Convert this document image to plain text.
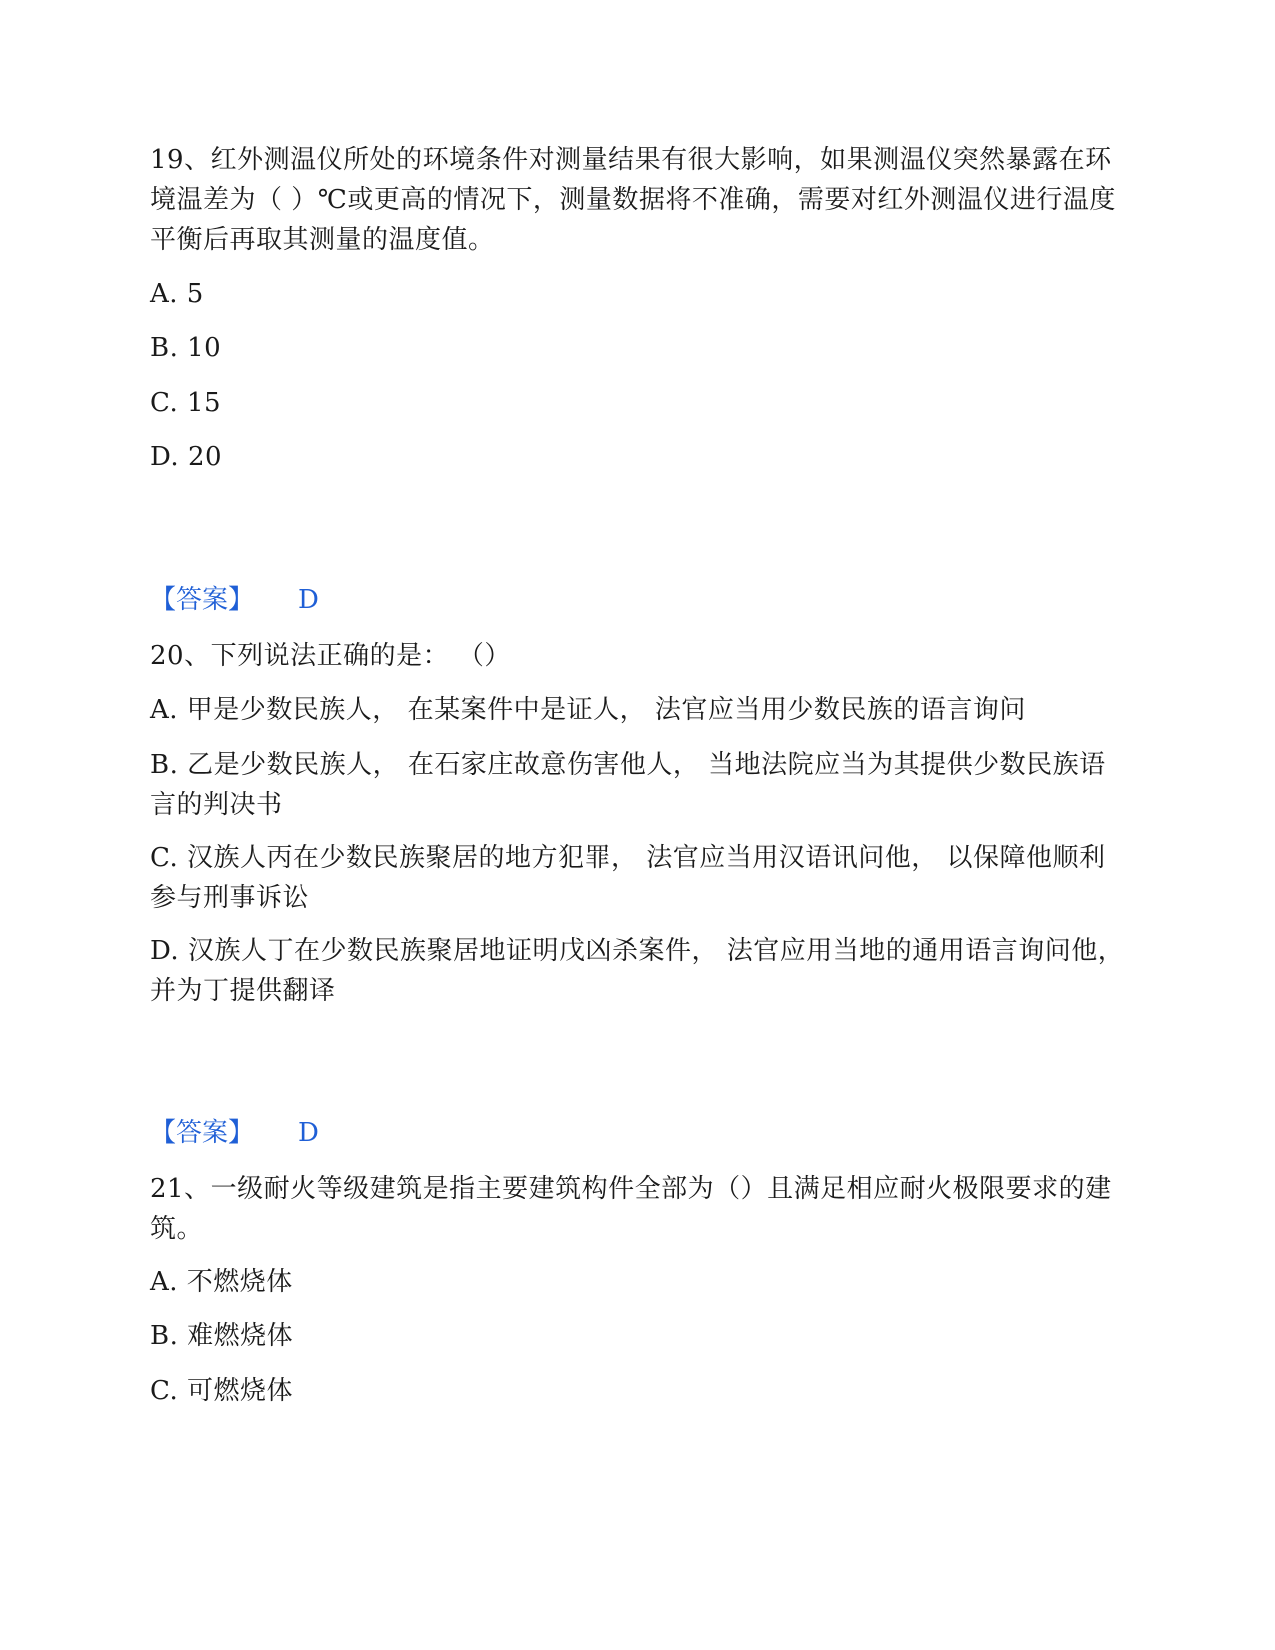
19、红外测温仪所处的环境条件对测量结果有很大影响，如果测温仪突然暴露在环境温差为（ ）℃或更高的情况下，测量数据将不准确，需要对红外测温仪进行温度平衡后再取其测量的温度值。

A. 5

B. 10

C. 15

D. 20

【答案】 D

20、下列说法正确的是： （）

A. 甲是少数民族人， 在某案件中是证人， 法官应当用少数民族的语言询问

B. 乙是少数民族人， 在石家庄故意伤害他人， 当地法院应当为其提供少数民族语言的判决书

C. 汉族人丙在少数民族聚居的地方犯罪， 法官应当用汉语讯问他， 以保障他顺利参与刑事诉讼

D. 汉族人丁在少数民族聚居地证明戊凶杀案件， 法官应用当地的通用语言询问他， 并为丁提供翻译

【答案】 D

21、一级耐火等级建筑是指主要建筑构件全部为（）且满足相应耐火极限要求的建筑。

A. 不燃烧体

B. 难燃烧体

C. 可燃烧体
